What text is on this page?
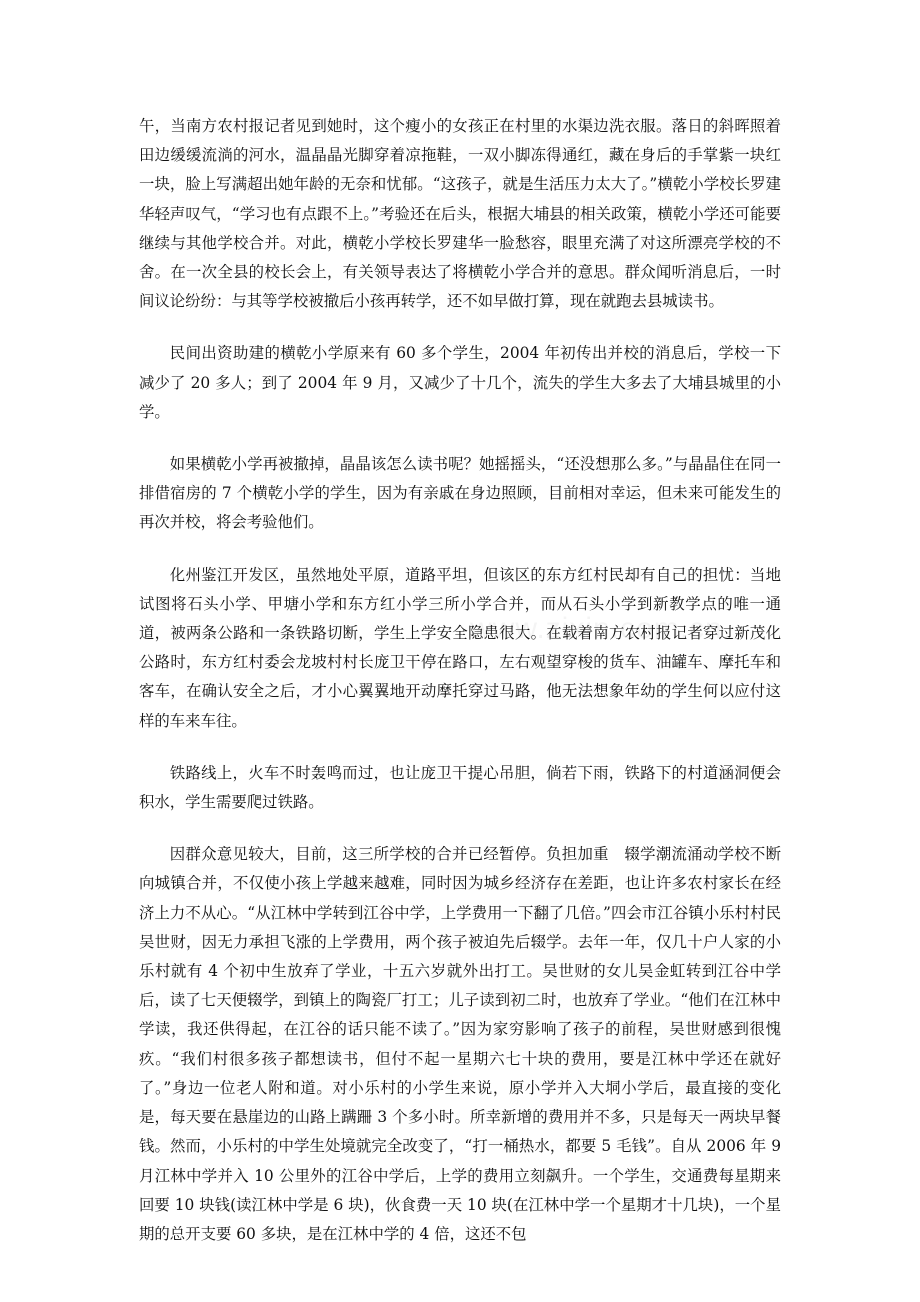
午，当南方农村报记者见到她时，这个瘦小的女孩正在村里的水渠边洗衣服。落日的斜晖照着田边缓缓流淌的河水，温晶晶光脚穿着凉拖鞋，一双小脚冻得通红，藏在身后的手掌紫一块红一块，脸上写满超出她年龄的无奈和忧郁。“这孩子，就是生活压力太大了。”横乾小学校长罗建华轻声叹气，“学习也有点跟不上。”考验还在后头，根据大埔县的相关政策，横乾小学还可能要继续与其他学校合并。对此，横乾小学校长罗建华一脸愁容，眼里充满了对这所漂亮学校的不舍。在一次全县的校长会上，有关领导表达了将横乾小学合并的意思。群众闻听消息后，一时间议论纷纷：与其等学校被撤后小孩再转学，还不如早做打算，现在就跑去县城读书。

民间出资助建的横乾小学原来有 60 多个学生，2004 年初传出并校的消息后，学校一下减少了 20 多人；到了 2004 年 9 月，又减少了十几个，流失的学生大多去了大埔县城里的小学。

如果横乾小学再被撤掉，晶晶该怎么读书呢？她摇摇头，“还没想那么多。”与晶晶住在同一排借宿房的 7 个横乾小学的学生，因为有亲戚在身边照顾，目前相对幸运，但未来可能发生的再次并校，将会考验他们。

化州鉴江开发区，虽然地处平原，道路平坦，但该区的东方红村民却有自己的担忧：当地试图将石头小学、甲塘小学和东方红小学三所小学合并，而从石头小学到新教学点的唯一通道，被两条公路和一条铁路切断，学生上学安全隐患很大。在载着南方农村报记者穿过新茂化公路时，东方红村委会龙坡村村长庞卫干停在路口，左右观望穿梭的货车、油罐车、摩托车和客车，在确认安全之后，才小心翼翼地开动摩托穿过马路，他无法想象年幼的学生何以应付这样的车来车往。

铁路线上，火车不时轰鸣而过，也让庞卫干提心吊胆，倘若下雨，铁路下的村道涵洞便会积水，学生需要爬过铁路。

因群众意见较大，目前，这三所学校的合并已经暂停。负担加重　辍学潮流涌动学校不断向城镇合并，不仅使小孩上学越来越难，同时因为城乡经济存在差距，也让许多农村家长在经济上力不从心。“从江林中学转到江谷中学，上学费用一下翻了几倍。”四会市江谷镇小乐村村民吴世财，因无力承担飞涨的上学费用，两个孩子被迫先后辍学。去年一年，仅几十户人家的小乐村就有 4 个初中生放弃了学业，十五六岁就外出打工。吴世财的女儿吴金虹转到江谷中学后，读了七天便辍学，到镇上的陶瓷厂打工；儿子读到初二时，也放弃了学业。“他们在江林中学读，我还供得起，在江谷的话只能不读了。”因为家穷影响了孩子的前程，吴世财感到很愧疚。“我们村很多孩子都想读书，但付不起一星期六七十块的费用，要是江林中学还在就好了。”身边一位老人附和道。对小乐村的小学生来说，原小学并入大垌小学后，最直接的变化是，每天要在悬崖边的山路上蹒跚 3 个多小时。所幸新增的费用并不多，只是每天一两块早餐钱。然而，小乐村的中学生处境就完全改变了，“打一桶热水，都要 5 毛钱”。自从 2006 年 9 月江林中学并入 10 公里外的江谷中学后，上学的费用立刻飙升。一个学生，交通费每星期来回要 10 块钱(读江林中学是 6 块)，伙食费一天 10 块(在江林中学一个星期才十几块)，一个星期的总开支要 60 多块，是在江林中学的 4 倍，这还不包
